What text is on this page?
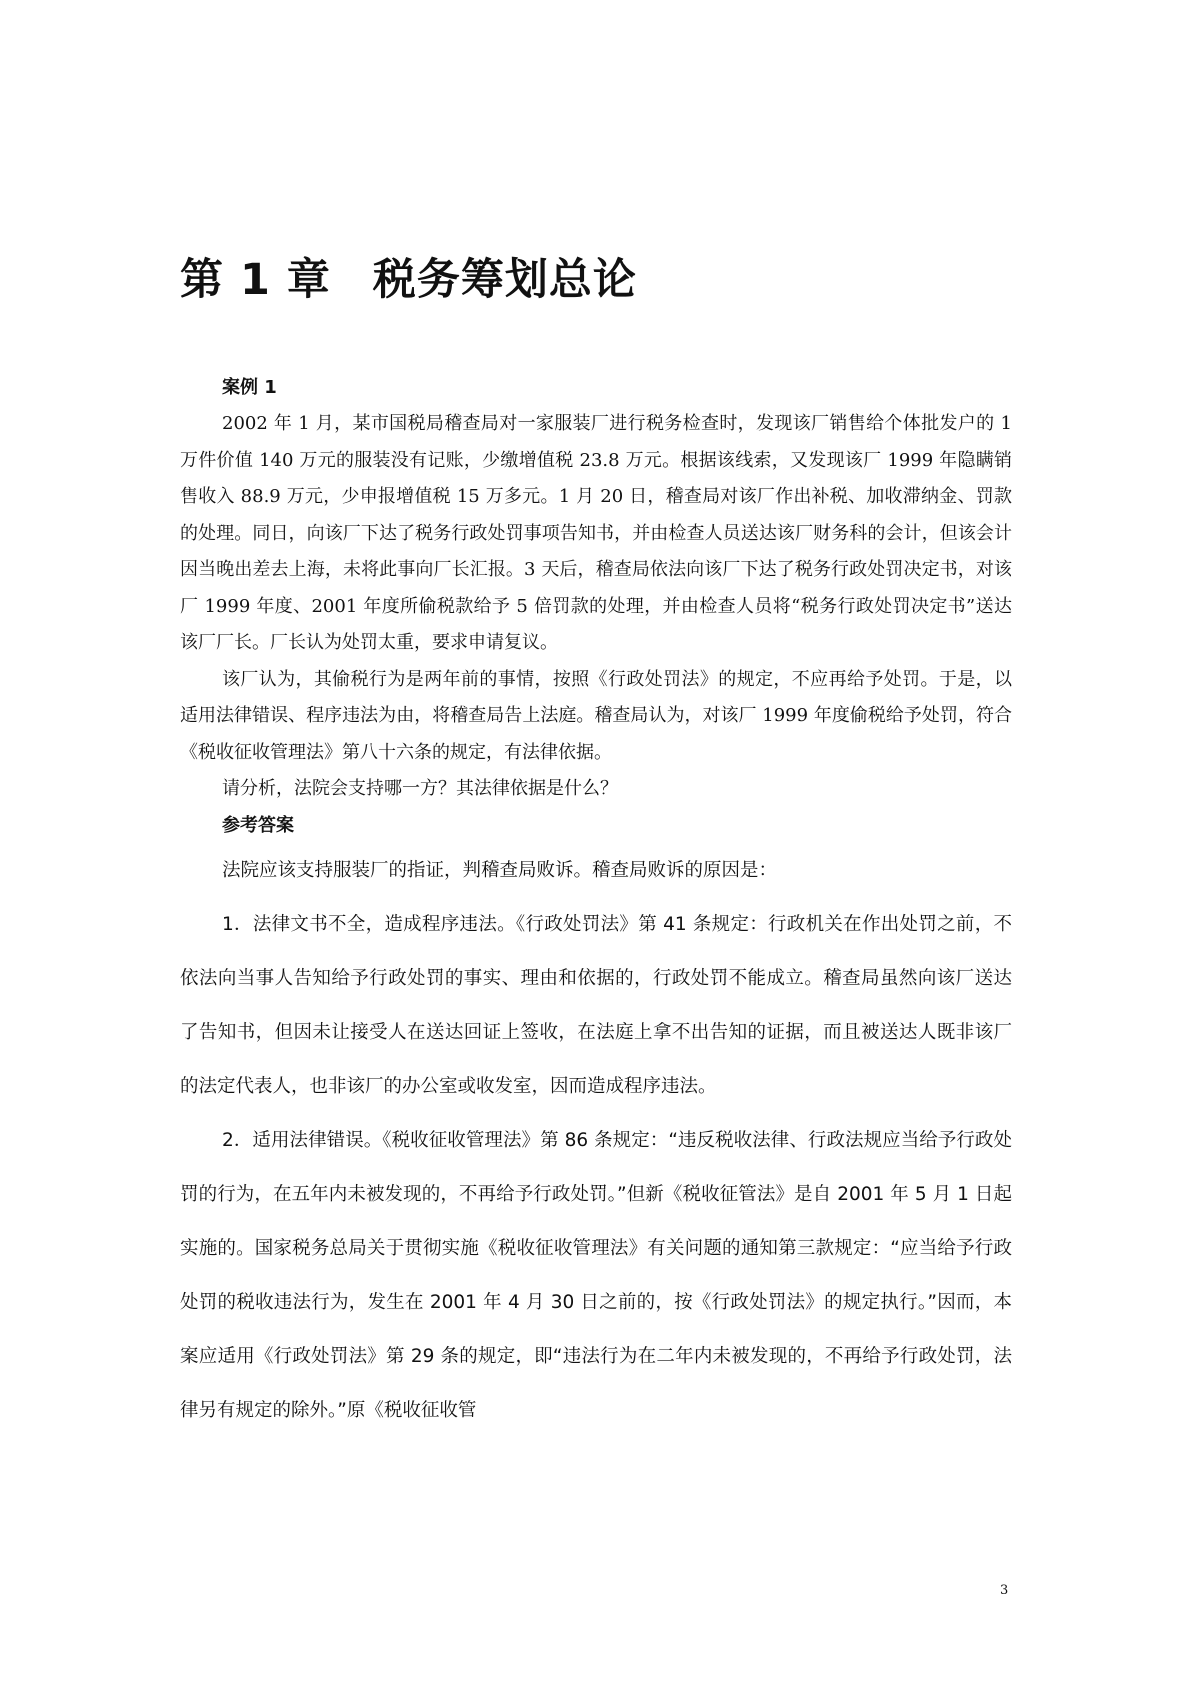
第 1 章 税务筹划总论

案例 1

2002 年 1 月，某市国税局稽查局对一家服装厂进行税务检查时，发现该厂销售给个体批发户的 1 万件价值 140 万元的服装没有记账，少缴增值税 23.8 万元。根据该线索，又发现该厂 1999 年隐瞒销售收入 88.9 万元，少申报增值税 15 万多元。1 月 20 日，稽查局对该厂作出补税、加收滞纳金、罚款的处理。同日，向该厂下达了税务行政处罚事项告知书，并由检查人员送达该厂财务科的会计，但该会计因当晚出差去上海，未将此事向厂长汇报。3 天后，稽查局依法向该厂下达了税务行政处罚决定书，对该厂 1999 年度、2001 年度所偷税款给予 5 倍罚款的处理，并由检查人员将“税务行政处罚决定书”送达该厂厂长。厂长认为处罚太重，要求申请复议。

该厂认为，其偷税行为是两年前的事情，按照《行政处罚法》的规定，不应再给予处罚。于是，以适用法律错误、程序违法为由，将稽查局告上法庭。稽查局认为，对该厂 1999 年度偷税给予处罚，符合《税收征收管理法》第八十六条的规定，有法律依据。

请分析，法院会支持哪一方？其法律依据是什么？

参考答案

法院应该支持服装厂的指证，判稽查局败诉。稽查局败诉的原因是：

1．法律文书不全，造成程序违法。《行政处罚法》第 41 条规定：行政机关在作出处罚之前，不依法向当事人告知给予行政处罚的事实、理由和依据的，行政处罚不能成立。稽查局虽然向该厂送达了告知书，但因未让接受人在送达回证上签收，在法庭上拿不出告知的证据，而且被送达人既非该厂的法定代表人，也非该厂的办公室或收发室，因而造成程序违法。

2．适用法律错误。《税收征收管理法》第 86 条规定：“违反税收法律、行政法规应当给予行政处罚的行为，在五年内未被发现的，不再给予行政处罚。”但新《税收征管法》是自 2001 年 5 月 1 日起实施的。国家税务总局关于贯彻实施《税收征收管理法》有关问题的通知第三款规定：“应当给予行政处罚的税收违法行为，发生在 2001 年 4 月 30 日之前的，按《行政处罚法》的规定执行。”因而，本案应适用《行政处罚法》第 29 条的规定，即“违法行为在二年内未被发现的，不再给予行政处罚，法律另有规定的除外。”原《税收征收管

3
